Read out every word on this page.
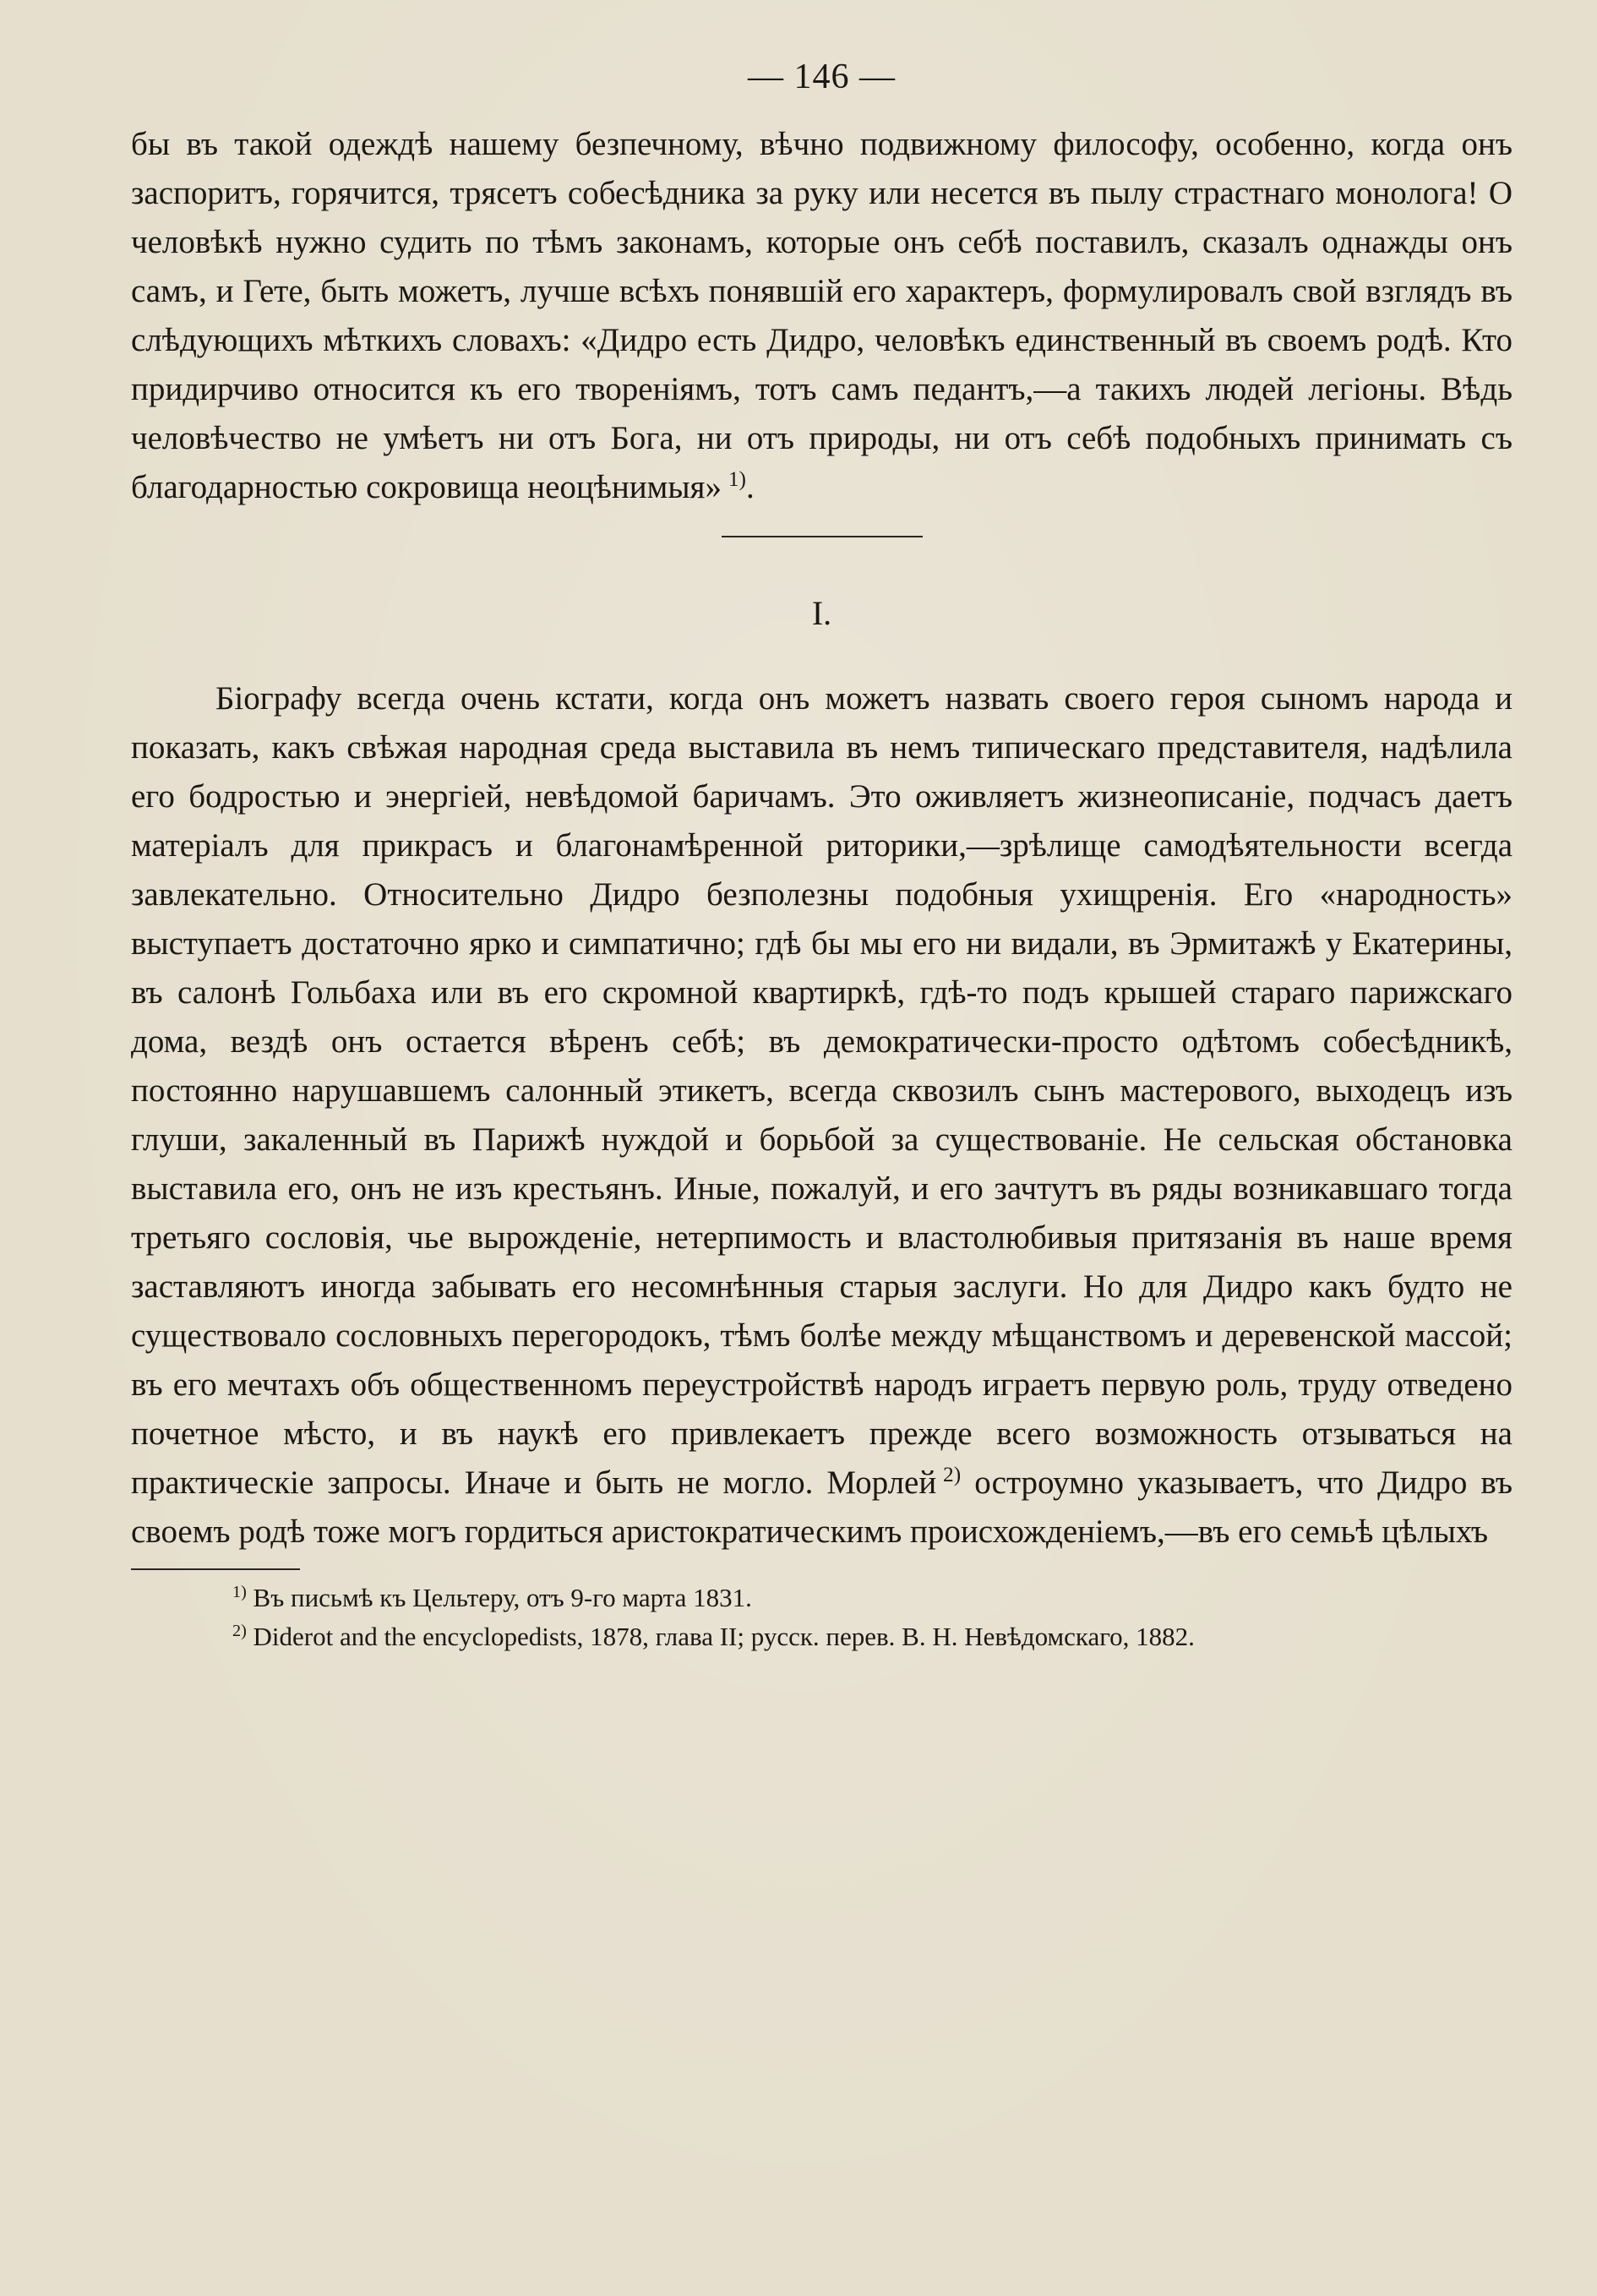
— 146 —

бы въ такой одеждѣ нашему безпечному, вѣчно подвижному философу, особенно, когда онъ заспоритъ, горячится, трясетъ собесѣдника за руку или несется въ пылу страстнаго монолога! О человѣкѣ нужно судить по тѣмъ законамъ, которые онъ себѣ поставилъ, сказалъ однажды онъ самъ, и Гете, быть можетъ, лучше всѣхъ понявшій его характеръ, формулировалъ свой взглядъ въ слѣдующихъ мѣткихъ словахъ: «Дидро есть Дидро, человѣкъ единственный въ своемъ родѣ. Кто придирчиво относится къ его твореніямъ, тотъ самъ педантъ,—а такихъ людей легіоны. Вѣдь человѣчество не умѣетъ ни отъ Бога, ни отъ природы, ни отъ себѣ подобныхъ принимать съ благодарностью сокровища неоцѣнимыя»  $^{1)}$.

I.

Біографу всегда очень кстати, когда онъ можетъ назвать своего героя сыномъ народа и показать, какъ свѣжая народная среда выставила въ немъ типическаго представителя, надѣлила его бодростью и энергіей, невѣдомой баричамъ. Это оживляетъ жизнеописаніе, подчасъ даетъ матеріалъ для прикрасъ и благонамѣренной риторики,—зрѣлище самодѣятельности всегда завлекательно. Относительно Дидро безполезны подобныя ухищренія. Его «народность» выступаетъ достаточно ярко и симпатично; гдѣ бы мы его ни видали, въ Эрмитажѣ у Екатерины, въ салонѣ Гольбаха или въ его скромной квартиркѣ, гдѣ-то подъ крышей стараго парижскаго дома, вездѣ онъ остается вѣренъ себѣ; въ демократически-просто одѣтомъ собесѣдникѣ, постоянно нарушавшемъ салонный этикетъ, всегда сквозилъ сынъ мастерового, выходецъ изъ глуши, закаленный въ Парижѣ нуждой и борьбой за существованіе. Не сельская обстановка выставила его, онъ не изъ крестьянъ. Иные, пожалуй, и его зачтутъ въ ряды возникавшаго тогда третьяго сословія, чье вырожденіе, нетерпимость и властолюбивыя притязанія въ наше время заставляютъ иногда забывать его несомнѣнныя старыя заслуги. Но для Дидро какъ будто не существовало сословныхъ перегородокъ, тѣмъ болѣе между мѣщанствомъ и деревенской массой; въ его мечтахъ объ общественномъ переустройствѣ народъ играетъ первую роль, труду отведено почетное мѣсто, и въ наукѣ его привлекаетъ прежде всего возможность отзываться на практическіе запросы. Иначе и быть не могло. Морлей  $^{2)}$ остроумно указываетъ, что Дидро въ своемъ родѣ тоже могъ гордиться аристократическимъ происхожденіемъ,—въ его семьѣ цѣлыхъ

$^{1)}$ Въ письмѣ къ Цельтеру, отъ 9-го марта 1831.

$^{2)}$ Diderot and the encyclopedists, 1878, глава II; русск. перев. В. Н. Невѣдомскаго, 1882.
